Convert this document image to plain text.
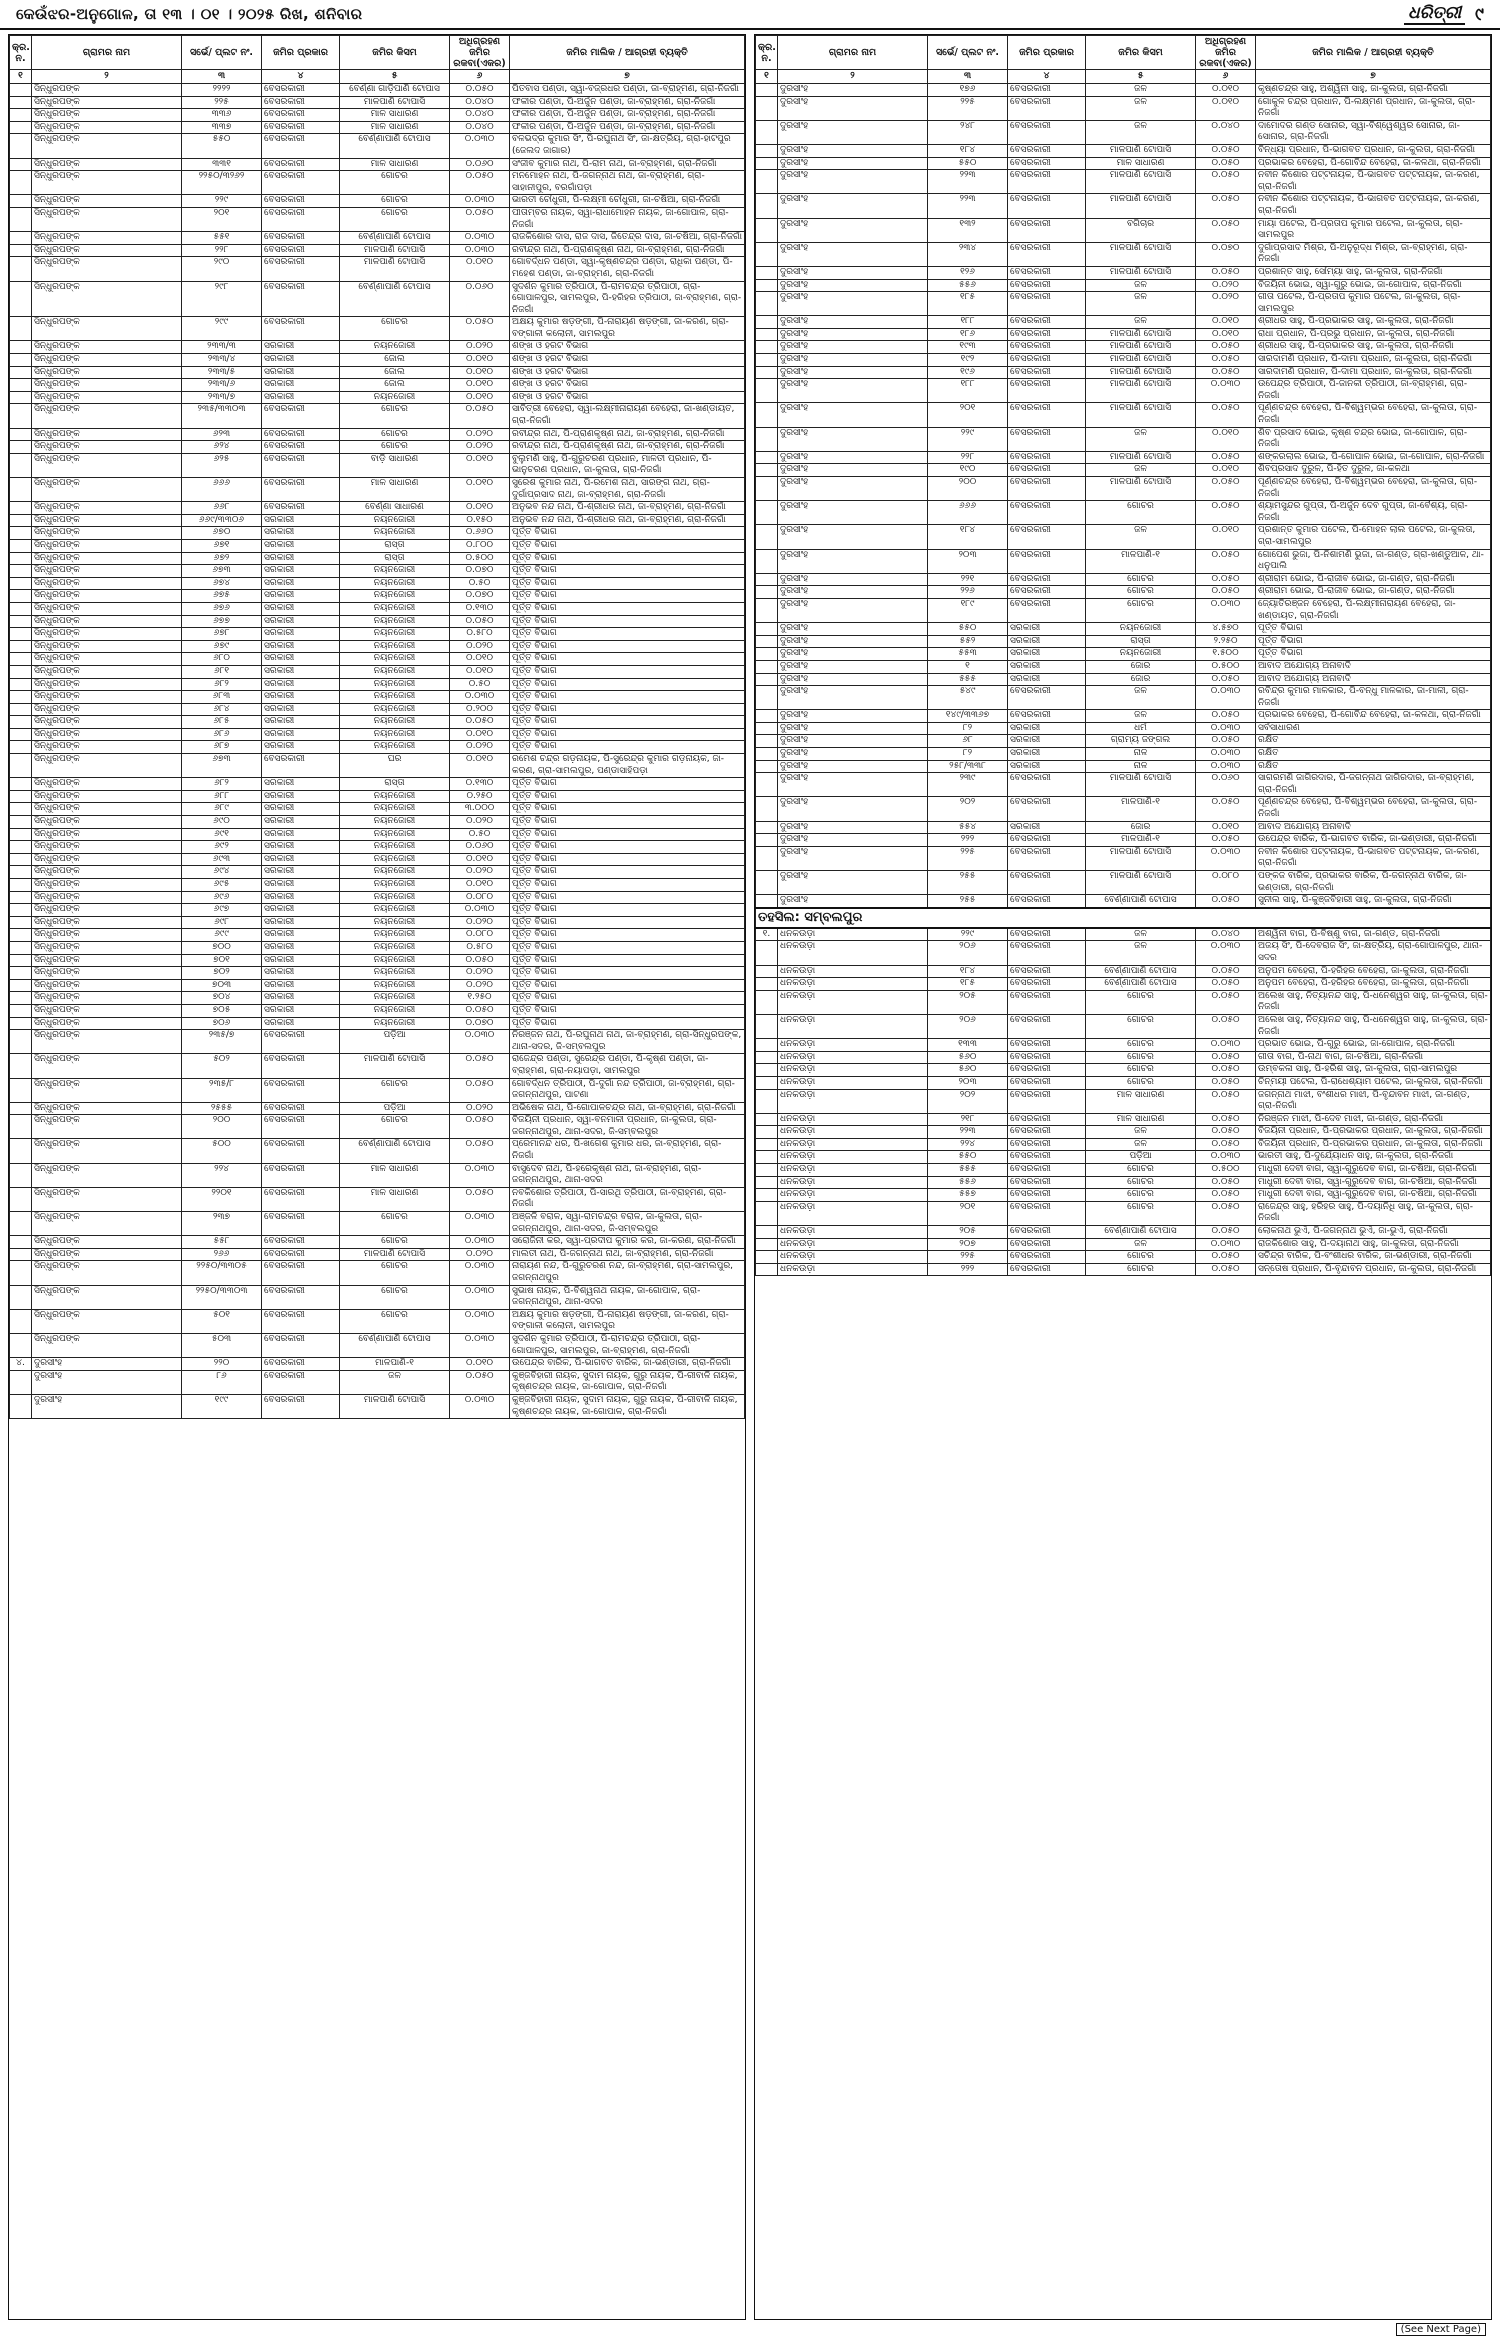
କେଉଁଝର-ଅନୁଗୋଳ, ତା ୧୩ । ୦୧ । ୨୦୨୫ ରିଖ, ଶନିବାର	ଧରିତ୍ରୀ ୯
କ୍ର. ନ.	ଗ୍ରାମର ନାମ	ସର୍ଭେ/ ପ୍ଲଟ ନଂ.	ଜମିର ପ୍ରକାର	ଜମିର କିସମ	ଅଧିଗ୍ରହଣ ଜମିର ରକବା(ଏକର)	ଜମିର ମାଲିକ / ଆଗ୍ରହୀ ବ୍ୟକ୍ତି
୧	୨	୩	୪	୫	୬	୭
	ସିନ୍ଧୁରପଙ୍କ	୨୨୨୨	ବେସରକାରୀ	ବେର୍ଣ୍ଣା ଗାଡ଼ିପାଣି ଟୋପାସ	୦.୦୫୦	ପିତବାସ ପଣ୍ଡା, ସ୍ୱା-ବଜ୍ରଧର ପଣ୍ଡା, ଜା-ବ୍ରାହ୍ମଣ, ଗ୍ରା-ନିଜଗାଁ
	ସିନ୍ଧୁରପଙ୍କ	୨୨୫	ବେସରକାରୀ	ମାଳପାଣି ଟୋପାସି	୦.୦୪୦	ଫକୀର ପଣ୍ଡା, ପି-ଅର୍ଜୁନ ପଣ୍ଡା, ଜା-ବ୍ରାହ୍ମଣ, ଗ୍ରା-ନିଜଗାଁ
	ସିନ୍ଧୁରପଙ୍କ	୩୩୬	ବେସରକାରୀ	ମାଳ ସାଧାରଣ	୦.୦୪୦	ଫକୀର ପଣ୍ଡା, ପି-ଅର୍ଜୁନ ପଣ୍ଡା, ଜା-ବ୍ରାହ୍ମଣ, ଗ୍ରା-ନିଜଗାଁ
	ସିନ୍ଧୁରପଙ୍କ	୩୩୭	ବେସରକାରୀ	ମାଳ ସାଧାରଣ	୦.୦୪୦	ଫକୀର ପଣ୍ଡା, ପି-ଅର୍ଜୁନ ପଣ୍ଡା, ଜା-ବ୍ରାହ୍ମଣ, ଗ୍ରା-ନିଜଗାଁ
	ସିନ୍ଧୁରପଙ୍କ	୫୫୦	ବେସରକାରୀ	ବେର୍ଣ୍ଣାପାଣି ଟୋପାସ	୦.୦୩୦	ବଳଭଦ୍ର କୁମାର ସିଂ, ପି-ରଘୁନାଥ ସିଂ, ଜା-କ୍ଷତ୍ରିୟ, ଗ୍ରା-ହାଟପୁର (ଜେଲଦ ଜାଗାର)
	ସିନ୍ଧୁରପଙ୍କ	୩୩୧	ବେସରକାରୀ	ମାଳ ସାଧାରଣ	୦.୦୬୦	ସଂଜୀବ କୁମାର ନାଥ, ପି-ରାମ ନାଥ, ଜା-ବ୍ରାହ୍ମଣ, ଗ୍ରା-ନିଜଗାଁ
	ସିନ୍ଧୁରପଙ୍କ	୨୨୫୦/୩୨୬୨	ବେସରକାରୀ	ଗୋଚର	୦.୦୫୦	ମନମୋହନ ନାଥ, ପି-ଜଗନ୍ନାଥ ନାଥ, ଜା-ବ୍ରାହ୍ମଣ, ଗ୍ରା-ସାହାନୀପୁର, ବରଗାଁପଡ଼ା
	ସିନ୍ଧୁରପଙ୍କ	୨୨୯	ବେସରକାରୀ	ଗୋଚର	୦.୦୩୦	ଭାରତୀ ଚୌଧୁରୀ, ପି-ଲକ୍ଷ୍ମୀ ଚୌଧୁରୀ, ଜା-ଚଷିଆ, ଗ୍ରା-ନିଜଗାଁ
	ସିନ୍ଧୁରପଙ୍କ	୨୦୧	ବେସରକାରୀ	ଗୋଚର	୦.୦୫୦	ପୀତାମ୍ବର ନାୟକ, ସ୍ୱା-ରାଧାମୋହନ ନାୟକ, ଜା-ଗୋପାଳ, ଗ୍ରା-ନିଜଗାଁ
	ସିନ୍ଧୁରପଙ୍କ	୫୫୧	ବେସରକାରୀ	ବେର୍ଣ୍ଣାପାଣି ଟୋପାସ	୦.୦୩୦	ରାଜକିଶୋର ଦାସ, ରାଜ ଦାସ, ଜିତେନ୍ଦ୍ର ଦାସ, ଜା-ଚଷିଆ, ଗ୍ରା-ନିଜଗାଁ
	ସିନ୍ଧୁରପଙ୍କ	୨୨୮	ବେସରକାରୀ	ମାଳପାଣି ଟୋପାସି	୦.୦୩୦	ରବୀନ୍ଦ୍ର ନାଥ, ପି-ପ୍ରାଣକୃଷ୍ଣ ନାଥ, ଜା-ବ୍ରାହ୍ମଣ, ଗ୍ରା-ନିଜଗାଁ
	ସିନ୍ଧୁରପଙ୍କ	୨୯୦	ବେସରକାରୀ	ମାଳପାଣି ଟୋପାସି	୦.୦୧୦	ଗୋବର୍ଦ୍ଧନ ପଣ୍ଡା, ସ୍ୱା-କୃଷ୍ଣଚନ୍ଦ୍ର ପଣ୍ଡା, ରାଧିକା ପଣ୍ଡା, ପି-ମହେଶ ପଣ୍ଡା, ଜା-ବ୍ରାହ୍ମଣ, ଗ୍ରା-ନିଜଗାଁ
	ସିନ୍ଧୁରପଙ୍କ	୨୯୮	ବେସରକାରୀ	ବେର୍ଣ୍ଣାପାଣି ଟୋପାସ	୦.୦୬୦	ସୁଦର୍ଶନ କୁମାର ତ୍ରିପାଠୀ, ପି-ରାମଚନ୍ଦ୍ର ତ୍ରିପାଠୀ, ଗ୍ରା-ଗୋପାଳପୁର, ସାମଲପୁର, ପି-ହରିହର ତ୍ରିପାଠୀ, ଜା-ବ୍ରାହ୍ମଣ, ଗ୍ରା-ନିଜଗାଁ
	ସିନ୍ଧୁରପଙ୍କ	୨୯୯	ବେସରକାରୀ	ଗୋଚର	୦.୦୫୦	ଅକ୍ଷୟ କୁମାର ଷଡ଼ଙ୍ଗୀ, ପି-ନାରାୟଣ ଷଡ଼ଙ୍ଗୀ, ଜା-କରଣ, ଗ୍ରା-ବଙ୍ଗାଳୀ କଲୋନୀ, ସାମଲପୁର
	ସିନ୍ଧୁରପଙ୍କ	୨୩୩/୩	ସରକାରୀ	ନୟନଜୋରୀ	୦.୦୨୦	ଶଙ୍ଖ ଓ ହରଟ ବିଭାଗ
	ସିନ୍ଧୁରପଙ୍କ	୨୩୩/୪	ସରକାରୀ	ଜୋଲ	୦.୦୧୦	ଶଙ୍ଖ ଓ ହରଟ ବିଭାଗ
	ସିନ୍ଧୁରପଙ୍କ	୨୩୩/୫	ସରକାରୀ	ଜୋଲ	୦.୦୧୦	ଶଙ୍ଖ ଓ ହରଟ ବିଭାଗ
	ସିନ୍ଧୁରପଙ୍କ	୨୩୩/୬	ସରକାରୀ	ଜୋଲ	୦.୦୧୦	ଶଙ୍ଖ ଓ ହରଟ ବିଭାଗ
	ସିନ୍ଧୁରପଙ୍କ	୨୩୩/୭	ସରକାରୀ	ନୟନଜୋରୀ	୦.୦୧୦	ଶଙ୍ଖ ଓ ହରଟ ବିଭାଗ
	ସିନ୍ଧୁରପଙ୍କ	୨୩୫/୩୩୦୩	ବେସରକାରୀ	ଗୋଚର	୦.୦୫୦	ସାବିତ୍ରୀ ବେହେରା, ସ୍ୱା-ଲକ୍ଷ୍ମୀନାରାୟଣ ବେହେରା, ଜା-ଖଣ୍ଡାୟତ, ଗ୍ରା-ନିଜଗାଁ
	ସିନ୍ଧୁରପଙ୍କ	୬୨୩	ବେସରକାରୀ	ଗୋଚର	୦.୦୨୦	ରବୀନ୍ଦ୍ର ନାଥ, ପି-ପ୍ରାଣକୃଷ୍ଣ ନାଥ, ଜା-ବ୍ରାହ୍ମଣ, ଗ୍ରା-ନିଜଗାଁ
	ସିନ୍ଧୁରପଙ୍କ	୬୨୪	ବେସରକାରୀ	ଗୋଚର	୦.୦୨୦	ରବୀନ୍ଦ୍ର ନାଥ, ପି-ପ୍ରାଣକୃଷ୍ଣ ନାଥ, ଜା-ବ୍ରାହ୍ମଣ, ଗ୍ରା-ନିଜଗାଁ
	ସିନ୍ଧୁରପଙ୍କ	୬୨୫	ବେସରକାରୀ	ବାଡ଼ି ସାଧାରଣ	୦.୦୧୦	ବୁଲୁମଣି ସାହୁ, ପି-ଗୁରୁଚରଣ ପ୍ରଧାନ, ମାଳତୀ ପ୍ରଧାନ, ପି-ଭାନୁଚରଣ ପ୍ରଧାନ, ଜା-କୁଲତା, ଗ୍ରା-ନିଜଗାଁ
	ସିନ୍ଧୁରପଙ୍କ	୬୬୬	ବେସରକାରୀ	ମାଳ ସାଧାରଣ	୦.୦୧୦	ସୁରେଶ କୁମାର ନାଥ, ପି-ରମେଶ ନାଥ, ସାରଙ୍ଗ ନାଥ, ଗ୍ରା-ଦୁର୍ଗାପ୍ରସାଦ ନାଥ, ଜା-ବ୍ରାହ୍ମଣ, ଗ୍ରା-ନିଜଗାଁ
	ସିନ୍ଧୁରପଙ୍କ	୬୬୮	ବେସରକାରୀ	ବେର୍ଣ୍ଣା ସାଧାରଣ	୦.୦୧୦	ଅନୁଭବ ନନ୍ଦ ନାଥ, ପି-ଶ୍ରୀଧର ନାଥ, ଜା-ବ୍ରାହ୍ମଣ, ଗ୍ରା-ନିଜଗାଁ
	ସିନ୍ଧୁରପଙ୍କ	୬୬୯/୩୩୦୬	ସରକାରୀ	ନୟନଜୋରୀ	୦.୧୫୦	ଅନୁଭବ ନନ୍ଦ ନାଥ, ପି-ଶ୍ରୀଧର ନାଥ, ଜା-ବ୍ରାହ୍ମଣ, ଗ୍ରା-ନିଜଗାଁ
	ସିନ୍ଧୁରପଙ୍କ	୬୭୦	ସରକାରୀ	ନୟନଜୋରୀ	୦.୬୬୦	ପୂର୍ତ୍ତ ବିଭାଗ
	ସିନ୍ଧୁରପଙ୍କ	୬୭୧	ସରକାରୀ	ରାସ୍ତା	୦.୮୦୦	ପୂର୍ତ୍ତ ବିଭାଗ
	ସିନ୍ଧୁରପଙ୍କ	୬୭୨	ସରକାରୀ	ରାସ୍ତା	୦.୫୦୦	ପୂର୍ତ୍ତ ବିଭାଗ
	ସିନ୍ଧୁରପଙ୍କ	୬୭୩	ସରକାରୀ	ନୟନଜୋରୀ	୦.୦୭୦	ପୂର୍ତ୍ତ ବିଭାଗ
	ସିନ୍ଧୁରପଙ୍କ	୬୭୪	ସରକାରୀ	ନୟନଜୋରୀ	୦.୫୦	ପୂର୍ତ୍ତ ବିଭାଗ
	ସିନ୍ଧୁରପଙ୍କ	୬୭୫	ସରକାରୀ	ନୟନଜୋରୀ	୦.୦୭୦	ପୂର୍ତ୍ତ ବିଭାଗ
	ସିନ୍ଧୁରପଙ୍କ	୬୭୬	ସରକାରୀ	ନୟନଜୋରୀ	୦.୧୩୦	ପୂର୍ତ୍ତ ବିଭାଗ
	ସିନ୍ଧୁରପଙ୍କ	୬୭୭	ସରକାରୀ	ନୟନଜୋରୀ	୦.୦୫୦	ପୂର୍ତ୍ତ ବିଭାଗ
	ସିନ୍ଧୁରପଙ୍କ	୬୭୮	ସରକାରୀ	ନୟନଜୋରୀ	୦.୫୮୦	ପୂର୍ତ୍ତ ବିଭାଗ
	ସିନ୍ଧୁରପଙ୍କ	୬୭୯	ସରକାରୀ	ନୟନଜୋରୀ	୦.୦୨୦	ପୂର୍ତ୍ତ ବିଭାଗ
	ସିନ୍ଧୁରପଙ୍କ	୬୮୦	ସରକାରୀ	ନୟନଜୋରୀ	୦.୦୧୦	ପୂର୍ତ୍ତ ବିଭାଗ
	ସିନ୍ଧୁରପଙ୍କ	୬୮୧	ସରକାରୀ	ନୟନଜୋରୀ	୦.୦୧୦	ପୂର୍ତ୍ତ ବିଭାଗ
	ସିନ୍ଧୁରପଙ୍କ	୬୮୨	ସରକାରୀ	ନୟନଜୋରୀ	୦.୫୦	ପୂର୍ତ୍ତ ବିଭାଗ
	ସିନ୍ଧୁରପଙ୍କ	୬୮୩	ସରକାରୀ	ନୟନଜୋରୀ	୦.୦୩୦	ପୂର୍ତ୍ତ ବିଭାଗ
	ସିନ୍ଧୁରପଙ୍କ	୬୮୪	ସରକାରୀ	ନୟନଜୋରୀ	୦.୨୦୦	ପୂର୍ତ୍ତ ବିଭାଗ
	ସିନ୍ଧୁରପଙ୍କ	୬୮୫	ସରକାରୀ	ନୟନଜୋରୀ	୦.୦୫୦	ପୂର୍ତ୍ତ ବିଭାଗ
	ସିନ୍ଧୁରପଙ୍କ	୬୮୬	ସରକାରୀ	ନୟନଜୋରୀ	୦.୦୧୦	ପୂର୍ତ୍ତ ବିଭାଗ
	ସିନ୍ଧୁରପଙ୍କ	୬୮୭	ସରକାରୀ	ନୟନଜୋରୀ	୦.୦୨୦	ପୂର୍ତ୍ତ ବିଭାଗ
	ସିନ୍ଧୁରପଙ୍କ	୬୭୩	ବେସରକାରୀ	ଘର	୦.୦୧୦	ରମେଶ ଚନ୍ଦ୍ର ଗଡ଼ନାୟକ, ପି-ସୁରେନ୍ଦ୍ର କୁମାର ଗଡ଼ନାୟକ, ଜା-କରଣ, ଗ୍ରା-ସାମଲପୁର, ପଣ୍ଡାସାହିପଡ଼ା
	ସିନ୍ଧୁରପଙ୍କ	୬୮୨	ସରକାରୀ	ରାସ୍ତା	୦.୧୩୦	ପୂର୍ତ୍ତ ବିଭାଗ
	ସିନ୍ଧୁରପଙ୍କ	୬୮୮	ସରକାରୀ	ନୟନଜୋରୀ	୦.୨୫୦	ପୂର୍ତ୍ତ ବିଭାଗ
	ସିନ୍ଧୁରପଙ୍କ	୬୮୯	ସରକାରୀ	ନୟନଜୋରୀ	୩.୦୦୦	ପୂର୍ତ୍ତ ବିଭାଗ
	ସିନ୍ଧୁରପଙ୍କ	୬୯୦	ସରକାରୀ	ନୟନଜୋରୀ	୦.୦୨୦	ପୂର୍ତ୍ତ ବିଭାଗ
	ସିନ୍ଧୁରପଙ୍କ	୬୯୧	ସରକାରୀ	ନୟନଜୋରୀ	୦.୫୦	ପୂର୍ତ୍ତ ବିଭାଗ
	ସିନ୍ଧୁରପଙ୍କ	୬୯୨	ସରକାରୀ	ନୟନଜୋରୀ	୦.୦୬୦	ପୂର୍ତ୍ତ ବିଭାଗ
	ସିନ୍ଧୁରପଙ୍କ	୬୯୩	ସରକାରୀ	ନୟନଜୋରୀ	୦.୦୧୦	ପୂର୍ତ୍ତ ବିଭାଗ
	ସିନ୍ଧୁରପଙ୍କ	୬୯୪	ସରକାରୀ	ନୟନଜୋରୀ	୦.୦୨୦	ପୂର୍ତ୍ତ ବିଭାଗ
	ସିନ୍ଧୁରପଙ୍କ	୬୯୫	ସରକାରୀ	ନୟନଜୋରୀ	୦.୦୧୦	ପୂର୍ତ୍ତ ବିଭାଗ
	ସିନ୍ଧୁରପଙ୍କ	୬୯୬	ସରକାରୀ	ନୟନଜୋରୀ	୦.୦୮୦	ପୂର୍ତ୍ତ ବିଭାଗ
	ସିନ୍ଧୁରପଙ୍କ	୬୯୭	ସରକାରୀ	ନୟନଜୋରୀ	୦.୦୩୦	ପୂର୍ତ୍ତ ବିଭାଗ
	ସିନ୍ଧୁରପଙ୍କ	୬୯୮	ସରକାରୀ	ନୟନଜୋରୀ	୦.୦୨୦	ପୂର୍ତ୍ତ ବିଭାଗ
	ସିନ୍ଧୁରପଙ୍କ	୬୯୯	ସରକାରୀ	ନୟନଜୋରୀ	୦.୦୮୦	ପୂର୍ତ୍ତ ବିଭାଗ
	ସିନ୍ଧୁରପଙ୍କ	୭୦୦	ସରକାରୀ	ନୟନଜୋରୀ	୦.୫୮୦	ପୂର୍ତ୍ତ ବିଭାଗ
	ସିନ୍ଧୁରପଙ୍କ	୭୦୧	ସରକାରୀ	ନୟନଜୋରୀ	୦.୦୫୦	ପୂର୍ତ୍ତ ବିଭାଗ
	ସିନ୍ଧୁରପଙ୍କ	୭୦୨	ସରକାରୀ	ନୟନଜୋରୀ	୦.୦୨୦	ପୂର୍ତ୍ତ ବିଭାଗ
	ସିନ୍ଧୁରପଙ୍କ	୭୦୩	ସରକାରୀ	ନୟନଜୋରୀ	୦.୦୨୦	ପୂର୍ତ୍ତ ବିଭାଗ
	ସିନ୍ଧୁରପଙ୍କ	୭୦୪	ସରକାରୀ	ନୟନଜୋରୀ	୧.୨୫୦	ପୂର୍ତ୍ତ ବିଭାଗ
	ସିନ୍ଧୁରପଙ୍କ	୭୦୫	ସରକାରୀ	ନୟନଜୋରୀ	୦.୦୫୦	ପୂର୍ତ୍ତ ବିଭାଗ
	ସିନ୍ଧୁରପଙ୍କ	୭୦୬	ସରକାରୀ	ନୟନଜୋରୀ	୦.୦୭୦	ପୂର୍ତ୍ତ ବିଭାଗ
	ସିନ୍ଧୁରପଙ୍କ	୨୩୫/୭	ବେସରକାରୀ	ପଡ଼ିଆ	୦.୦୩୦	ନିରଞ୍ଜନ ନାଥ, ପି-ରଘୁନାଥ ନାଥ, ଜା-ବ୍ରାହ୍ମଣ, ଗ୍ରା-ସିନ୍ଧୁରପଙ୍କ, ଥାନା-ସଦର, ଜି-ସମ୍ବଲପୁର
	ସିନ୍ଧୁରପଙ୍କ	୫୦୨	ବେସରକାରୀ	ମାଳପାଣି ଟୋପାସି	୦.୦୫୦	ରାଜେନ୍ଦ୍ର ପଣ୍ଡା, ସୁରେନ୍ଦ୍ର ପଣ୍ଡା, ପି-କୃଷ୍ଣ ପଣ୍ଡା, ଜା-ବ୍ରାହ୍ମଣ, ଗ୍ରା-ନୟାପଡ଼ା, ସାମଲପୁର
	ସିନ୍ଧୁରପଙ୍କ	୨୩୫/୮	ବେସରକାରୀ	ଗୋଚର	୦.୦୫୦	ଗୋବର୍ଦ୍ଧନ ତ୍ରିପାଠୀ, ପି-ଦୁର୍ଗା ନନ୍ଦ ତ୍ରିପାଠୀ, ଜା-ବ୍ରାହ୍ମଣ, ଗ୍ରା-ଜଗନ୍ନାଥପୁର, ପାଟଣା
	ସିନ୍ଧୁରପଙ୍କ	୨୫୫୫	ବେସରକାରୀ	ପଡ଼ିଆ	୦.୦୨୦	ଅଭିଷେକ ନାଥ, ପି-ଗୋପାଳଚନ୍ଦ୍ର ନାଥ, ଜା-ବ୍ରାହ୍ମଣ, ଗ୍ରା-ନିଜଗାଁ
	ସିନ୍ଧୁରପଙ୍କ	୨୦୦	ବେସରକାରୀ	ଗୋଚର	୦.୦୫୦	ବିଜୟିନୀ ପ୍ରଧାନ, ସ୍ୱା-ବନମାଳୀ ପ୍ରଧାନ, ଜା-କୁଲତା, ଗ୍ରା-ଜଗନ୍ନାଥପୁର, ଥାନା-ସଦର, ଜି-ସମ୍ବଲପୁର
	ସିନ୍ଧୁରପଙ୍କ	୫୦୦	ବେସରକାରୀ	ବେର୍ଣ୍ଣାପାଣି ଟୋପାସ	୦.୦୫୦	ପ୍ରେମାନନ୍ଦ ଧର, ପି-ଖଗେଶ କୁମାର ଧର, ଜା-ବ୍ରାହ୍ମଣ, ଗ୍ରା-ନିଜଗାଁ
	ସିନ୍ଧୁରପଙ୍କ	୨୨୪	ବେସରକାରୀ	ମାଳ ସାଧାରଣ	୦.୦୩୦	ବାସୁଦେବ ନାଥ, ପି-ହରେକୃଷ୍ଣ ନାଥ, ଜା-ବ୍ରାହ୍ମଣ, ଗ୍ରା-ଜଗନ୍ନାଥପୁର, ଥାନା-ସଦର
	ସିନ୍ଧୁରପଙ୍କ	୨୨୦୧	ବେସରକାରୀ	ମାଳ ସାଧାରଣ	୦.୦୫୦	ନବକିଶୋର ତ୍ରିପାଠୀ, ପି-ସାରଥି ତ୍ରିପାଠୀ, ଜା-ବ୍ରାହ୍ମଣ, ଗ୍ରା-ନିଜଗାଁ
	ସିନ୍ଧୁରପଙ୍କ	୨୩୭	ବେସରକାରୀ	ଗୋଚର	୦.୦୩୦	ଅଞ୍ଜଳି ବରାଳ, ସ୍ୱା-ରାମଚନ୍ଦ୍ର ବରାଳ, ଜା-କୁଲତା, ଗ୍ରା-ଜଗନ୍ନାଥପୁର, ଥାନା-ସଦର, ଜି-ସମ୍ବଲପୁର
	ସିନ୍ଧୁରପଙ୍କ	୫୫୮	ବେସରକାରୀ	ଗୋଚର	୦.୦୩୦	ସରୋଜିନୀ କର, ସ୍ୱା-ପ୍ରଦୀପ କୁମାର କର, ଜା-କରଣ, ଗ୍ରା-ନିଜଗାଁ
	ସିନ୍ଧୁରପଙ୍କ	୨୬୬	ବେସରକାରୀ	ମାଳପାଣି ଟୋପାସି	୦.୦୨୦	ମାଲତୀ ନାଥ, ପି-ଜଗନ୍ନାଥ ନାଥ, ଜା-ବ୍ରାହ୍ମଣ, ଗ୍ରା-ନିଜଗାଁ
	ସିନ୍ଧୁରପଙ୍କ	୨୨୫୦/୩୩୦୫	ବେସରକାରୀ	ଗୋଚର	୦.୦୩୦	ନାରାୟଣ ନନ୍ଦ, ପି-ଗୁରୁଚରଣ ନନ୍ଦ, ଜା-ବ୍ରାହ୍ମଣ, ଗ୍ରା-ସାମଲପୁର, ଜଗନ୍ନାଥପୁର
	ସିନ୍ଧୁରପଙ୍କ	୨୨୫୦/୩୩୦୩	ବେସରକାରୀ	ଗୋଚର	୦.୦୩୦	ସୁଭାଷ ନାୟକ, ପି-ବିଶ୍ୱନାଥ ନାୟକ, ଜା-ଗୋପାଳ, ଗ୍ରା-ଜଗନ୍ନାଥପୁର, ଥାନା-ସଦର
	ସିନ୍ଧୁରପଙ୍କ	୫୦୧	ବେସରକାରୀ	ଗୋଚର	୦.୦୩୦	ଅକ୍ଷୟ କୁମାର ଷଡ଼ଙ୍ଗୀ, ପି-ନାରାୟଣ ଷଡ଼ଙ୍ଗୀ, ଜା-କରଣ, ଗ୍ରା-ବଙ୍ଗାଳୀ କଲୋନୀ, ସାମଲପୁର
	ସିନ୍ଧୁରପଙ୍କ	୫୦୩	ବେସରକାରୀ	ବେର୍ଣ୍ଣାପାଣି ଟୋପାସ	୦.୦୩୦	ସୁଦର୍ଶନ କୁମାର ତ୍ରିପାଠୀ, ପି-ରାମଚନ୍ଦ୍ର ତ୍ରିପାଠୀ, ଗ୍ରା-ଗୋପାଳପୁର, ସାମଲପୁର, ଜା-ବ୍ରାହ୍ମଣ, ଗ୍ରା-ନିଜଗାଁ
୪.	ଦୁରସୀଂହ	୨୨୦	ବେସରକାରୀ	ମାଳପାଣି-୧	୦.୦୧୦	ଉପେନ୍ଦ୍ର ବାରିକ, ପି-ଭାଗବତ ବାରିକ, ଜା-ଭଣ୍ଡାରୀ, ଗ୍ରା-ନିଜଗାଁ
	ଦୁରସୀଂହ	୮୬	ବେସରକାରୀ	ଜଳ	୦.୦୫୦	କୁଞ୍ଜବିହାରୀ ନାୟକ, ସୁଦାମ ନାୟକ, ଗୁରୁ ନାୟକ, ପି-ରୀବାଳି ନାୟକ, କୃଷ୍ଣଚନ୍ଦ୍ର ନାୟକ, ଜା-ଗୋପାଳ, ଗ୍ରା-ନିଜଗାଁ
	ଦୁରସୀଂହ	୧୯୯	ବେସରକାରୀ	ମାଳପାଣି ଟୋପାସି	୦.୦୩୦	କୁଞ୍ଜବିହାରୀ ନାୟକ, ସୁଦାମ ନାୟକ, ଗୁରୁ ନାୟକ, ପି-ରୀବାଳି ନାୟକ, କୃଷ୍ଣଚନ୍ଦ୍ର ନାୟକ, ଜା-ଗୋପାଳ, ଗ୍ରା-ନିଜଗାଁ
କ୍ର. ନ.	ଗ୍ରାମର ନାମ	ସର୍ଭେ/ ପ୍ଲଟ ନଂ.	ଜମିର ପ୍ରକାର	ଜମିର କିସମ	ଅଧିଗ୍ରହଣ ଜମିର ରକବା(ଏକର)	ଜମିର ମାଲିକ / ଆଗ୍ରହୀ ବ୍ୟକ୍ତି
୧	୨	୩	୪	୫	୬	୭
	ଦୁରସୀଂହ	୧୭୬	ବେସରକାରୀ	ଜଳ	୦.୦୧୦	କୃଷ୍ଣଚନ୍ଦ୍ର ସାହୁ, ଅଶ୍ୱିନୀ ସାହୁ, ଜା-କୁଲତା, ଗ୍ରା-ନିଜଗାଁ
	ଦୁରସୀଂହ	୨୨୫	ବେସରକାରୀ	ଜଳ	୦.୦୧୦	ଗୋକୁଳ ଚନ୍ଦ୍ର ପ୍ରଧାନ, ପି-ଲକ୍ଷ୍ମଣ ପ୍ରଧାନ, ଜା-କୁଲତା, ଗ୍ରା-ନିଜଗାଁ
	ଦୁରସୀଂହ	୨୪୮	ବେସରକାରୀ	ଜଳ	୦.୦୪୦	ଦାମୋଦର ଗଣ୍ଡ ସୋନାର, ସ୍ୱା-ବିଶ୍ୱେଶ୍ୱର ସୋନାର, ଜା-ସୋନାର, ଗ୍ରା-ନିଜଗାଁ
	ଦୁରସୀଂହ	୧୮୪	ବେସରକାରୀ	ମାଳପାଣି ଟୋପାସି	୦.୦୫୦	ବିନ୍ଧ୍ୟା ପ୍ରଧାନ, ପି-ଭାଗବତ ପ୍ରଧାନ, ଜା-କୁଲତା, ଗ୍ରା-ନିଜଗାଁ
	ଦୁରସୀଂହ	୫୫୦	ବେସରକାରୀ	ମାଳ ସାଧାରଣ	୦.୦୫୦	ପ୍ରଭାକର ବେହେରା, ପି-ଗୋବିନ୍ଦ ବେହେରା, ଜା-କଳଥା, ଗ୍ରା-ନିଜଗାଁ
	ଦୁରସୀଂହ	୨୨୩	ବେସରକାରୀ	ମାଳପାଣି ଟୋପାସି	୦.୦୫୦	ନବୀନ କିଶୋର ପଟ୍ଟନାୟକ, ପି-ଭାଗବତ ପଟ୍ଟନାୟକ, ଜା-କରଣ, ଗ୍ରା-ନିଜଗାଁ
	ଦୁରସୀଂହ	୨୨୩	ବେସରକାରୀ	ମାଳପାଣି ଟୋପାସି	୦.୦୫୦	ନବୀନ କିଶୋର ପଟ୍ଟନାୟକ, ପି-ଭାଗବତ ପଟ୍ଟନାୟକ, ଜା-କରଣ, ଗ୍ରା-ନିଜଗାଁ
	ଦୁରସୀଂହ	୧୩୨	ବେସରକାରୀ	ବଗିଚାର	୦.୦୫୦	ମାୟା ପଟେଲ, ପି-ପ୍ରତାପ କୁମାର ପଟେଲ, ଜା-କୁଲତା, ଗ୍ରା-ସାମଲପୁର
	ଦୁରସୀଂହ	୨୩୪	ବେସରକାରୀ	ମାଳପାଣି ଟୋପାସି	୦.୦୭୦	ଦୁର୍ଗାପ୍ରସାଦ ମିଶ୍ର, ପି-ଅନୁରୂଦ୍ଧ ମିଶ୍ର, ଜା-ବ୍ରାହ୍ମଣ, ଗ୍ରା-ନିଜଗାଁ
	ଦୁରସୀଂହ	୧୨୬	ବେସରକାରୀ	ମାଳପାଣି ଟୋପାସି	୦.୦୫୦	ପ୍ରଶାନ୍ତ ସାହୁ, ସୌମ୍ୟା ସାହୁ, ଜା-କୁଲତା, ଗ୍ରା-ନିଜଗାଁ
	ଦୁରସୀଂହ	୫୫୬	ବେସରକାରୀ	ଜଳ	୦.୦୨୦	ବିଜୟିନୀ ଭୋଇ, ସ୍ୱା-ଗୁରୁ ଭୋଇ, ଜା-ଗୋପାଳ, ଗ୍ରା-ନିଜଗାଁ
	ଦୁରସୀଂହ	୧୮୫	ବେସରକାରୀ	ଜଳ	୦.୦୨୦	ଗୀତା ପଟେଲ, ପି-ପ୍ରତାପ କୁମାର ପଟେଲ, ଜା-କୁଲତା, ଗ୍ରା-ସାମଲପୁର
	ଦୁରସୀଂହ	୧୮୮	ବେସରକାରୀ	ଜଳ	୦.୦୧୦	ଶ୍ରୀଧର ସାହୁ, ପି-ପ୍ରଭାକର ସାହୁ, ଜା-କୁଲତା, ଗ୍ରା-ନିଜଗାଁ
	ଦୁରସୀଂହ	୧୮୬	ବେସରକାରୀ	ମାଳପାଣି ଟୋପାସି	୦.୦୧୦	ରାଧା ପ୍ରଧାନ, ପି-ପ୍ରଭୁ ପ୍ରଧାନ, ଜା-କୁଲତା, ଗ୍ରା-ନିଜଗାଁ
	ଦୁରସୀଂହ	୧୯୩	ବେସରକାରୀ	ମାଳପାଣି ଟୋପାସି	୦.୦୫୦	ଶ୍ରୀଧର ସାହୁ, ପି-ପ୍ରଭାକର ସାହୁ, ଜା-କୁଲତା, ଗ୍ରା-ନିଜଗାଁ
	ଦୁରସୀଂହ	୧୯୨	ବେସରକାରୀ	ମାଳପାଣି ଟୋପାସି	୦.୦୫୦	ସାରଦାମଣି ପ୍ରଧାନ, ପି-ଦାମା ପ୍ରଧାନ, ଜା-କୁଲତା, ଗ୍ରା-ନିଜଗାଁ
	ଦୁରସୀଂହ	୧୯୬	ବେସରକାରୀ	ମାଳପାଣି ଟୋପାସି	୦.୦୫୦	ସାରଦାମଣି ପ୍ରଧାନ, ପି-ଦାମା ପ୍ରଧାନ, ଜା-କୁଲତା, ଗ୍ରା-ନିଜଗାଁ
	ଦୁରସୀଂହ	୧୮୮	ବେସରକାରୀ	ମାଳପାଣି ଟୋପାସି	୦.୦୩୦	ଉପେନ୍ଦ୍ର ତ୍ରିପାଠୀ, ପି-ଜାନକୀ ତ୍ରିପାଠୀ, ଜା-ବ୍ରାହ୍ମଣ, ଗ୍ରା-ନିଜଗାଁ
	ଦୁରସୀଂହ	୨୦୧	ବେସରକାରୀ	ମାଳପାଣି ଟୋପାସି	୦.୦୫୦	ପୂର୍ଣ୍ଣଚନ୍ଦ୍ର ବେହେରା, ପି-ବିଶ୍ୱମ୍ଭର ବେହେରା, ଜା-କୁଲତା, ଗ୍ରା-ନିଜଗାଁ
	ଦୁରସୀଂହ	୨୨୯	ବେସରକାରୀ	ଜଳ	୦.୦୧୦	ଶିବ ପ୍ରସାଦ ଭୋଇ, କୃଷ୍ଣ ଚନ୍ଦ୍ର ଭୋଇ, ଜା-ଗୋପାଳ, ଗ୍ରା-ନିଜଗାଁ
	ଦୁରସୀଂହ	୨୨୮	ବେସରକାରୀ	ମାଳପାଣି ଟୋପାସି	୦.୦୫୦	ଶଙ୍କରଲାଲ ଭୋଇ, ପି-ଗୋପାଳ ଭୋଇ, ଜା-ଗୋପାଳ, ଗ୍ରା-ନିଜଗାଁ
	ଦୁରସୀଂହ	୧୯୦	ବେସରକାରୀ	ଜଳ	୦.୦୧୦	ଶିବପ୍ରସାଦ ଦୁରୁଳ, ପି-ହିତ ଦୁରୁଳ, ଜା-କଳଥା
	ଦୁରସୀଂହ	୨୦୦	ବେସରକାରୀ	ମାଳପାଣି ଟୋପାସି	୦.୦୫୦	ପୂର୍ଣ୍ଣଚନ୍ଦ୍ର ବେହେରା, ପି-ବିଶ୍ୱମ୍ଭର ବେହେରା, ଜା-କୁଲତା, ଗ୍ରା-ନିଜଗାଁ
	ଦୁରସୀଂହ	୬୬୬	ବେସରକାରୀ	ଗୋଚର	୦.୦୫୦	ଶ୍ୟାମସୁନ୍ଦର ଗୁପ୍ତା, ପି-ଅର୍ଜୁନ ଦେବ ଗୁପ୍ତା, ଜା-ବୈଶ୍ୟ, ଗ୍ରା-ନିଜଗାଁ
	ଦୁରସୀଂହ	୧୮୪	ବେସରକାରୀ	ଜଳ	୦.୦୧୦	ପ୍ରଶାନ୍ତ କୁମାର ପଟେଲ, ପି-ମୋହନ ଲାଲ ପଟେଲ, ଜା-କୁଲତା, ଗ୍ରା-ସାମଲପୁର
	ଦୁରସୀଂହ	୨୦୩	ବେସରକାରୀ	ମାଳପାଣି-୧	୦.୦୫୦	ଗୋପେଶ ଭୁଜା, ପି-ନିଶାମଣି ଭୁଜା, ଜା-ଗଣ୍ଡ, ଗ୍ରା-ଖଣ୍ଡୁଆଳ, ଥା-ଧନୁପାଲି
	ଦୁରସୀଂହ	୨୨୧	ବେସରକାରୀ	ଗୋଚର	୦.୦୫୦	ଶ୍ରୀରାମ ଭୋଇ, ପି-ରାଜୀବ ଭୋଇ, ଜା-ଗଣ୍ଡ, ଗ୍ରା-ନିଜଗାଁ
	ଦୁରସୀଂହ	୨୨୬	ବେସରକାରୀ	ଗୋଚର	୦.୦୫୦	ଶ୍ରୀରାମ ଭୋଇ, ପି-ରାଜୀବ ଭୋଇ, ଜା-ଗଣ୍ଡ, ଗ୍ରା-ନିଜଗାଁ
	ଦୁରସୀଂହ	୧୮୯	ବେସରକାରୀ	ଗୋଚର	୦.୦୩୦	ଜ୍ୟୋତିରଞ୍ଜନ ବେହେରା, ପି-ଲକ୍ଷ୍ମୀନାରାୟଣ ବେହେରା, ଜା-ଖଣ୍ଡାୟତ, ଗ୍ରା-ନିଜଗାଁ
	ଦୁରସୀଂହ	୫୫୦	ସରକାରୀ	ନୟନଜୋରୀ	୪.୫୭୦	ପୂର୍ତ୍ତ ବିଭାଗ
	ଦୁରସୀଂହ	୫୫୨	ସରକାରୀ	ରାସ୍ତା	୨.୨୫୦	ପୂର୍ତ୍ତ ବିଭାଗ
	ଦୁରସୀଂହ	୫୫୩	ସରକାରୀ	ନୟନଜୋରୀ	୧.୫୦୦	ପୂର୍ତ୍ତ ବିଭାଗ
	ଦୁରସୀଂହ	୧	ସରକାରୀ	ଜୋର	୦.୫୦୦	ଆବାଦ ଅଯୋଗ୍ୟ ଅନାବାଦି
	ଦୁରସୀଂହ	୫୫୫	ସରକାରୀ	ଜୋର	୦.୦୫୦	ଆବାଦ ଅଯୋଗ୍ୟ ଅନାବାଦି
	ଦୁରସୀଂହ	୫୪୯	ବେସରକାରୀ	ଜଳ	୦.୦୩୦	ରବିନ୍ଦ୍ର କୁମାର ମାଳକାର, ପି-ବନ୍ଧୁ ମାଳକାର, ଜା-ମାଳୀ, ଗ୍ରା-ନିଜଗାଁ
	ଦୁରସୀଂହ	୧୪୯/୩୩୬୭	ବେସରକାରୀ	ଜଳ	୦.୦୫୦	ପ୍ରଭାକର ବେହେରା, ପି-ଗୋବିନ୍ଦ ବେହେରା, ଜା-କଳଥା, ଗ୍ରା-ନିଜଗାଁ
	ଦୁରସୀଂହ	୮୨	ସରକାରୀ	ଧର୍ମ	୦.୦୩୦	ସର୍ବସାଧାରଣ
	ଦୁରସୀଂହ	୬୮	ସରକାରୀ	ଗ୍ରାମ୍ୟ ଜଙ୍ଗଲ	୦.୦୫୦	ରକ୍ଷିତ
	ଦୁରସୀଂହ	୮୨	ସରକାରୀ	ନାଳ	୦.୦୩୦	ରକ୍ଷିତ
	ଦୁରସୀଂହ	୨୫୮/୩୩୮	ସରକାରୀ	ନାଳ	୦.୦୩୦	ରକ୍ଷିତ
	ଦୁରସୀଂହ	୨୩୯	ବେସରକାରୀ	ମାଳପାଣି ଟୋପାସି	୦.୦୬୦	ସାଗରମଣି ଜାଗିରଦାର, ପି-ଜଗନ୍ନାଥ ଜାଗିରଦାର, ଜା-ବ୍ରାହ୍ମଣ, ଗ୍ରା-ନିଜଗାଁ
	ଦୁରସୀଂହ	୨୦୨	ବେସରକାରୀ	ମାଳପାଣି-୧	୦.୦୫୦	ପୂର୍ଣ୍ଣଚନ୍ଦ୍ର ବେହେରା, ପି-ବିଶ୍ୱମ୍ଭର ବେହେରା, ଜା-କୁଲତା, ଗ୍ରା-ନିଜଗାଁ
	ଦୁରସୀଂହ	୫୫୪	ସରକାରୀ	ଜୋର	୦.୦୧୦	ଆବାଦ ଅଯୋଗ୍ୟ ଅନାବାଦି
	ଦୁରସୀଂହ	୨୨୨	ବେସରକାରୀ	ମାଳପାଣି-୧	୦.୦୫୦	ଉପେନ୍ଦ୍ର ବାରିକ, ପି-ଭାଗବତ ବାରିକ, ଜା-ଭଣ୍ଡାରୀ, ଗ୍ରା-ନିଜଗାଁ
	ଦୁରସୀଂହ	୨୨୫	ବେସରକାରୀ	ମାଳପାଣି ଟୋପାସି	୦.୦୩୦	ନବୀନ କିଶୋର ପଟ୍ଟନାୟକ, ପି-ଭାଗବତ ପଟ୍ଟନାୟକ, ଜା-କରଣ, ଗ୍ରା-ନିଜଗାଁ
	ଦୁରସୀଂହ	୨୫୫	ବେସରକାରୀ	ମାଳପାଣି ଟୋପାସି	୦.୦୮୦	ପଙ୍କଜ ବାରିକ, ପ୍ରଭାକର ବାରିକ, ପି-ଜଗନ୍ନାଥ ବାରିକ, ଜା-ଭଣ୍ଡାରୀ, ଗ୍ରା-ନିଜଗାଁ
	ଦୁରସୀଂହ	୨୫୫	ବେସରକାରୀ	ବେର୍ଣ୍ଣାପାଣି ଟୋପାସ	୦.୦୫୦	ସୁନୀଲ ସାହୁ, ପି-କୁଞ୍ଜବିହାରୀ ସାହୁ, ଜା-କୁଲତା, ଗ୍ରା-ନିଜଗାଁ
ତହସିଲ: ସମ୍ବଲପୁର						
୧.	ଧନକଉଡ଼ା	୨୨୯	ବେସରକାରୀ	ଜଳ	୦.୦୪୦	ଅଶ୍ୱିନୀ ବାଗ, ପି-ବିଷ୍ଣୁ ବାଗ, ଜା-ଗଣ୍ଡ, ଗ୍ରା-ନିଜଗାଁ
	ଧନକଉଡ଼ା	୨୦୬	ବେସରକାରୀ	ଜଳ	୦.୦୩୦	ଅଜୟ ସିଂ, ପି-ଦେବରାଜ ସିଂ, ଜା-କ୍ଷତ୍ରିୟ, ଗ୍ରା-ଗୋପାଳପୁର, ଥାନା-ସଦର
	ଧନକଉଡ଼ା	୧୮୪	ବେସରକାରୀ	ବେର୍ଣ୍ଣାପାଣି ଟୋପାସ	୦.୦୫୦	ଅନୁପମ ବେହେରା, ପି-ହରିହର ବେହେରା, ଜା-କୁଲତା, ଗ୍ରା-ନିଜଗାଁ
	ଧନକଉଡ଼ା	୧୮୫	ବେସରକାରୀ	ବେର୍ଣ୍ଣାପାଣି ଟୋପାସ	୦.୦୫୦	ଅନୁପମ ବେହେରା, ପି-ହରିହର ବେହେରା, ଜା-କୁଲତା, ଗ୍ରା-ନିଜଗାଁ
	ଧନକଉଡ଼ା	୨୦୫	ବେସରକାରୀ	ଗୋଚର	୦.୦୫୦	ଅଲେଖ ସାହୁ, ନିତ୍ୟାନନ୍ଦ ସାହୁ, ପି-ଧନେଶ୍ୱର ସାହୁ, ଜା-କୁଲତା, ଗ୍ରା-ନିଜଗାଁ
	ଧନକଉଡ଼ା	୨୦୬	ବେସରକାରୀ	ଗୋଚର	୦.୦୫୦	ଅଲେଖ ସାହୁ, ନିତ୍ୟାନନ୍ଦ ସାହୁ, ପି-ଧନେଶ୍ୱର ସାହୁ, ଜା-କୁଲତା, ଗ୍ରା-ନିଜଗାଁ
	ଧନକଉଡ଼ା	୧୩୩	ବେସରକାରୀ	ଗୋଚର	୦.୦୩୦	ପ୍ରଭାତ ଭୋଇ, ପି-ଗୁରୁ ଭୋଇ, ଜା-ଗୋପାଳ, ଗ୍ରା-ନିଜଗାଁ
	ଧନକଉଡ଼ା	୫୬୦	ବେସରକାରୀ	ଗୋଚର	୦.୦୫୦	ଗୀତା ବାଗ, ପି-ନାଥ ବାଗ, ଜା-ଚଷିଆ, ଗ୍ରା-ନିଜଗାଁ
	ଧନକଉଡ଼ା	୫୬୦	ବେସରକାରୀ	ଗୋଚର	୦.୦୫୦	ଉମ୍ବକଳା ସାହୁ, ପି-ହରିଶ ସାହୁ, ଜା-କୁଲତା, ଗ୍ରା-ସାମଲପୁର
	ଧନକଉଡ଼ା	୨୦୩	ବେସରକାରୀ	ଗୋଚର	୦.୦୫୦	ଚିନ୍ମୟୀ ପଟେଲ, ପି-ରାଧେଶ୍ୟାମ ପଟେଲ, ଜା-କୁଲତା, ଗ୍ରା-ନିଜଗାଁ
	ଧନକଉଡ଼ା	୨୦୨	ବେସରକାରୀ	ମାଳ ସାଧାରଣ	୦.୦୫୦	ଜଗନ୍ନାଥ ମାଝୀ, ବଂଶୀଧର ମାଝୀ, ପି-ବୃନ୍ଦାବନ ମାଝୀ, ଜା-ଗଣ୍ଡ, ଗ୍ରା-ନିଜଗାଁ
	ଧନକଉଡ଼ା	୨୧୮	ବେସରକାରୀ	ମାଳ ସାଧାରଣ	୦.୦୫୦	ନିରଞ୍ଜନ ମାଝୀ, ପି-ଦେବ ମାଝୀ, ଜା-ଗଣ୍ଡ, ଗ୍ରା-ନିଜଗାଁ
	ଧନକଉଡ଼ା	୨୨୩	ବେସରକାରୀ	ଜଳ	୦.୦୫୦	ବିଜୟିନୀ ପ୍ରଧାନ, ପି-ପ୍ରଭାକର ପ୍ରଧାନ, ଜା-କୁଲତା, ଗ୍ରା-ନିଜଗାଁ
	ଧନକଉଡ଼ା	୨୨୪	ବେସରକାରୀ	ଜଳ	୦.୦୫୦	ବିଜୟିନୀ ପ୍ରଧାନ, ପି-ପ୍ରଭାକର ପ୍ରଧାନ, ଜା-କୁଲତା, ଗ୍ରା-ନିଜଗାଁ
	ଧନକଉଡ଼ା	୫୫୦	ବେସରକାରୀ	ପଡ଼ିଆ	୦.୦୩୦	ଭାରତୀ ସାହୁ, ପି-ଦୁର୍ଯ୍ୟୋଧନ ସାହୁ, ଜା-କୁଲତା, ଗ୍ରା-ନିଜଗାଁ
	ଧନକଉଡ଼ା	୫୫୫	ବେସରକାରୀ	ଗୋଚର	୦.୫୦୦	ମାଧୁରୀ ଦେବୀ ବାଗ, ସ୍ୱା-ଗୁରୁଦେବ ବାଗ, ଜା-ଚଷିଆ, ଗ୍ରା-ନିଜଗାଁ
	ଧନକଉଡ଼ା	୫୫୬	ବେସରକାରୀ	ଗୋଚର	୦.୦୫୦	ମାଧୁରୀ ଦେବୀ ବାଗ, ସ୍ୱା-ଗୁରୁଦେବ ବାଗ, ଜା-ଚଷିଆ, ଗ୍ରା-ନିଜଗାଁ
	ଧନକଉଡ଼ା	୫୫୭	ବେସରକାରୀ	ଗୋଚର	୦.୦୫୦	ମାଧୁରୀ ଦେବୀ ବାଗ, ସ୍ୱା-ଗୁରୁଦେବ ବାଗ, ଜା-ଚଷିଆ, ଗ୍ରା-ନିଜଗାଁ
	ଧନକଉଡ଼ା	୨୦୧	ବେସରକାରୀ	ଗୋଚର	୦.୦୫୦	ରାଜେନ୍ଦ୍ର ସାହୁ, ହରିହର ସାହୁ, ପି-ଦୟାନିଧି ସାହୁ, ଜା-କୁଲତା, ଗ୍ରା-ନିଜଗାଁ
	ଧନକଉଡ଼ା	୨୦୫	ବେସରକାରୀ	ବେର୍ଣ୍ଣାପାଣି ଟୋପାସ	୦.୦୫୦	ଲୋକନାଥ ଭୁଏଁ, ପି-ଜଗନ୍ନାଥ ଭୁଏଁ, ଜା-ଭୁଏଁ, ଗ୍ରା-ନିଜଗାଁ
	ଧନକଉଡ଼ା	୨୦୭	ବେସରକାରୀ	ଜଳ	୦.୦୩୦	ରାଜକିଶୋର ସାହୁ, ପି-ଦୟାନାଥ ସାହୁ, ଜା-କୁଲତା, ଗ୍ରା-ନିଜଗାଁ
	ଧନକଉଡ଼ା	୨୨୫	ବେସରକାରୀ	ଗୋଚର	୦.୦୫୦	ସଚିନ୍ଦ୍ର ବାରିକ, ପି-ବଂଶୀଧର ବାରିକ, ଜା-ଭଣ୍ଡାରୀ, ଗ୍ରା-ନିଜଗାଁ
	ଧନକଉଡ଼ା	୨୨୨	ବେସରକାରୀ	ଗୋଚର	୦.୦୫୦	ସନ୍ତୋଷ ପ୍ରଧାନ, ପି-ବୃନ୍ଦାବନ ପ୍ରଧାନ, ଜା-କୁଲତା, ଗ୍ରା-ନିଜଗାଁ
(See Next Page)
